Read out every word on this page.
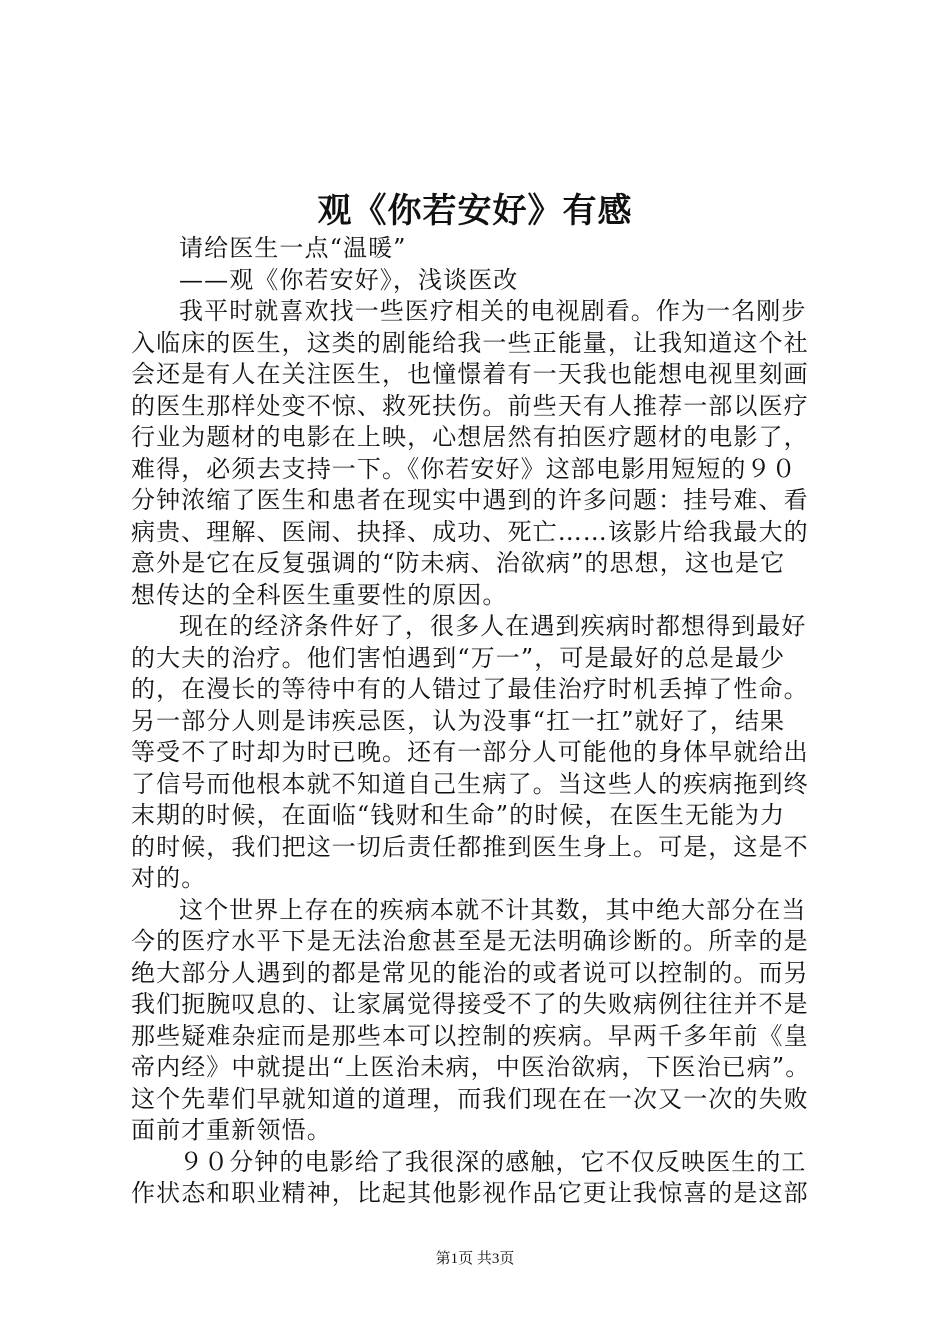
观《你若安好》有感

请给医生一点“温暖”

——观《你若安好》，浅谈医改

我平时就喜欢找一些医疗相关的电视剧看。作为一名刚步

入临床的医生，这类的剧能给我一些正能量，让我知道这个社

会还是有人在关注医生，也憧憬着有一天我也能想电视里刻画

的医生那样处变不惊、救死扶伤。前些天有人推荐一部以医疗

行业为题材的电影在上映，心想居然有拍医疗题材的电影了，

难得，必须去支持一下。《你若安好》这部电影用短短的９０

分钟浓缩了医生和患者在现实中遇到的许多问题：挂号难、看

病贵、理解、医闹、抉择、成功、死亡……该影片给我最大的

意外是它在反复强调的“防未病、治欲病”的思想，这也是它

想传达的全科医生重要性的原因。

现在的经济条件好了，很多人在遇到疾病时都想得到最好

的大夫的治疗。他们害怕遇到“万一”，可是最好的总是最少

的，在漫长的等待中有的人错过了最佳治疗时机丢掉了性命。

另一部分人则是讳疾忌医，认为没事“扛一扛”就好了，结果

等受不了时却为时已晚。还有一部分人可能他的身体早就给出

了信号而他根本就不知道自己生病了。当这些人的疾病拖到终

末期的时候，在面临“钱财和生命”的时候，在医生无能为力

的时候，我们把这一切后责任都推到医生身上。可是，这是不

对的。

这个世界上存在的疾病本就不计其数，其中绝大部分在当

今的医疗水平下是无法治愈甚至是无法明确诊断的。所幸的是

绝大部分人遇到的都是常见的能治的或者说可以控制的。而另

我们扼腕叹息的、让家属觉得接受不了的失败病例往往并不是

那些疑难杂症而是那些本可以控制的疾病。早两千多年前《皇

帝内经》中就提出“上医治未病，中医治欲病，下医治已病”。

这个先辈们早就知道的道理，而我们现在在一次又一次的失败

面前才重新领悟。

９０分钟的电影给了我很深的感触，它不仅反映医生的工

作状态和职业精神，比起其他影视作品它更让我惊喜的是这部

第1页 共3页
